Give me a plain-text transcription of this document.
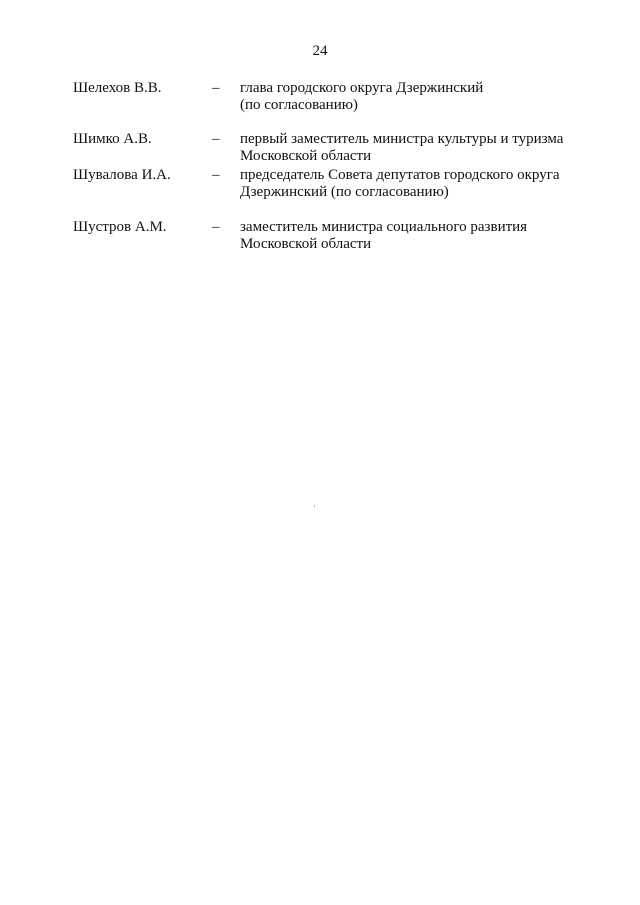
24
Шелехов В.В.	– глава городского округа Дзержинский
(по согласованию)
Шимко А.В.	– первый заместитель министра культуры и туризма
Московской области
Шувалова И.А.	– председатель Совета депутатов городского округа
Дзержинский (по согласованию)
Шустров А.М.	– заместитель министра социального развития
Московской области
